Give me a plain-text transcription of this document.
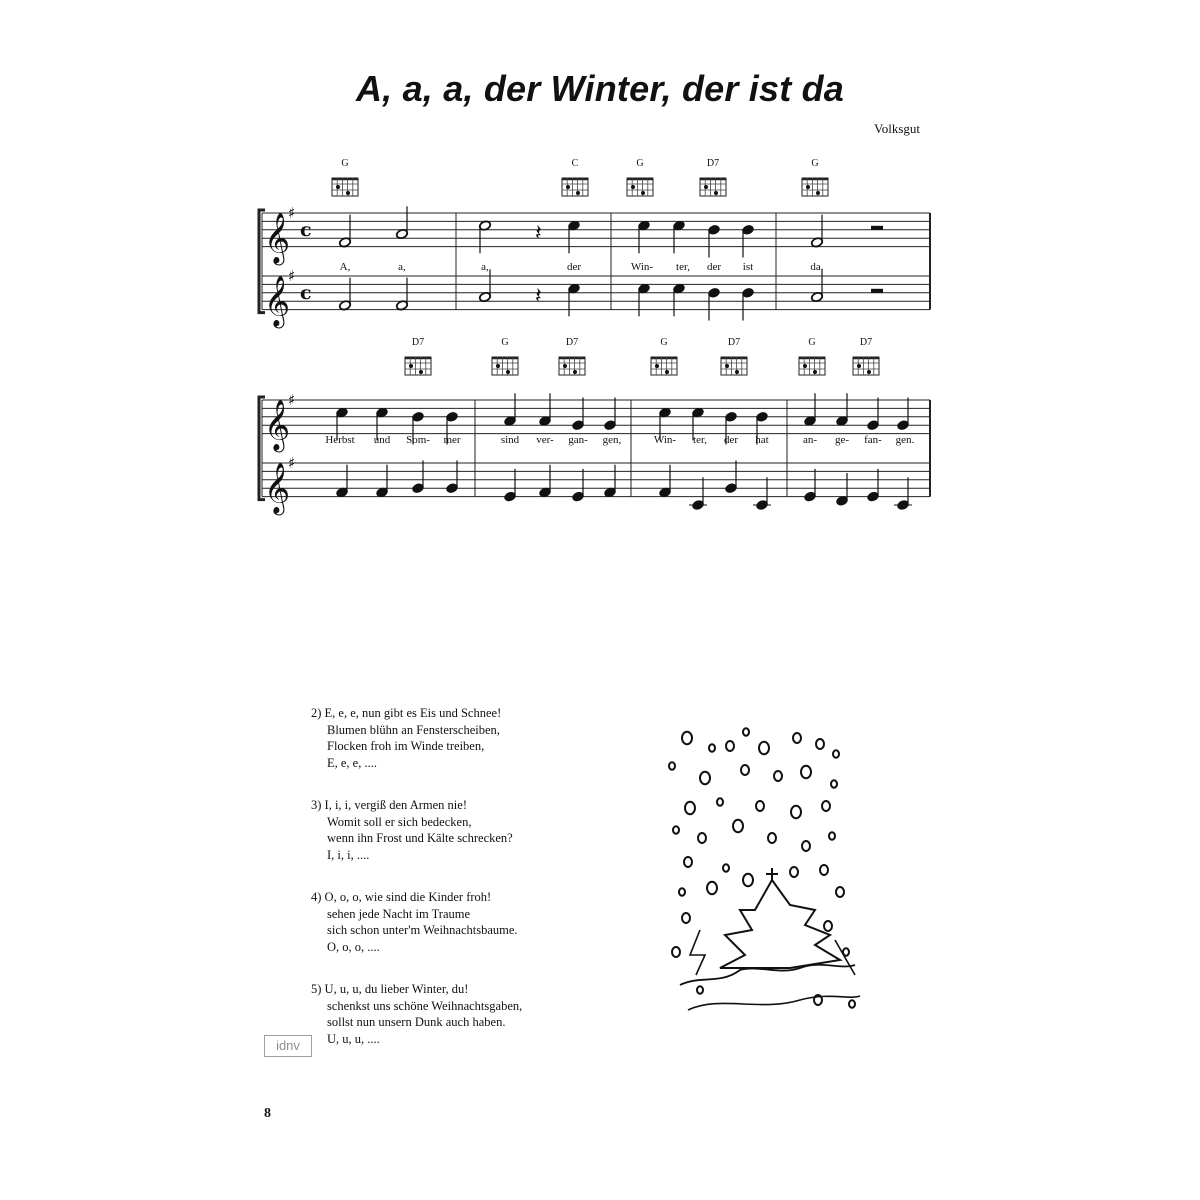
A, a, a, der Winter, der ist da
Volksgut
𝄞
♯
c
𝄞
♯
c
𝄽
𝄽
𝄞
♯
𝄞
♯
G	C	G	D7	G
A,	a,	a,	der	Win- ter, der ist	da.
D7	G	D7	G	D7	G	D7
Herbst und Som- mer	sind ver- gan- gen,	Win- ter, der hat	an- ge- fan- gen.
2) E, e, e, nun gibt es Eis und Schnee!
Blumen blühn an Fensterscheiben,
Flocken froh im Winde treiben,
E, e, e, ....
3) I, i, i, vergiß den Armen nie!
Womit soll er sich bedecken,
wenn ihn Frost und Kälte schrecken?
I, i, i, ....
4) O, o, o, wie sind die Kinder froh!
sehen jede Nacht im Traume
sich schon unter'm Weihnachtsbaume.
O, o, o, ....
5) U, u, u, du lieber Winter, du!
schenkst uns schöne Weihnachtsgaben,
sollst nun unsern Dunk auch haben.
U, u, u, ....
idnv
8
